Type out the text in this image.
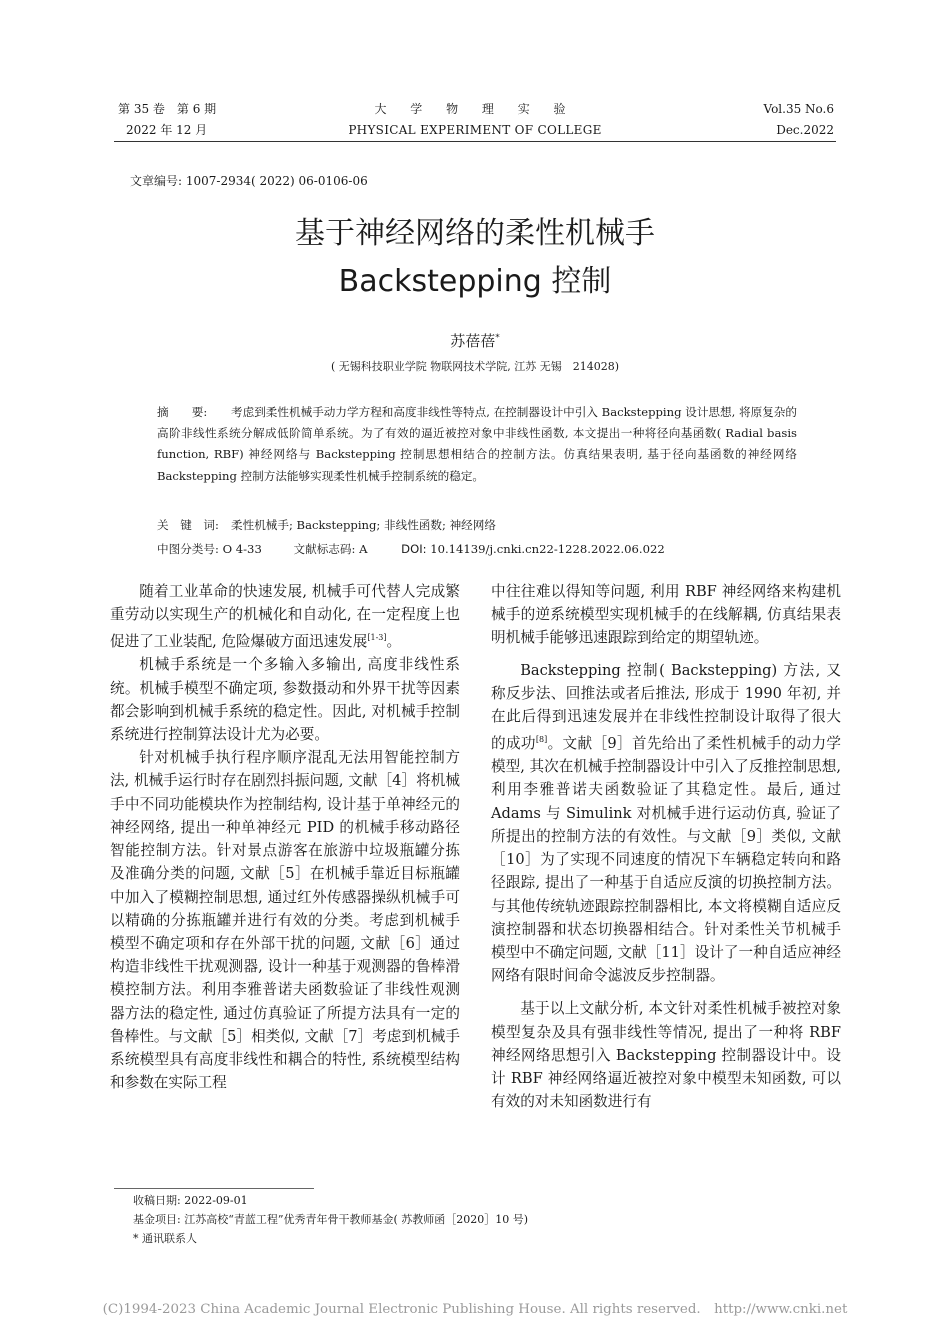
第 35 卷　第 6 期
2022 年 12 月
大 学 物 理 实 验
PHYSICAL EXPERIMENT OF COLLEGE
Vol.35 No.6
Dec.2022
文章编号: 1007-2934( 2022) 06-0106-06
基于神经网络的柔性机械手
Backstepping 控制
苏蓓蓓*
( 无锡科技职业学院 物联网技术学院, 江苏 无锡　214028)
摘　　要: 考虑到柔性机械手动力学方程和高度非线性等特点, 在控制器设计中引入 Backstepping 设计思想, 将原复杂的高阶非线性系统分解成低阶简单系统。为了有效的逼近被控对象中非线性函数, 本文提出一种将径向基函数( Radial basis function, RBF) 神经网络与 Backstepping 控制思想相结合的控制方法。仿真结果表明, 基于径向基函数的神经网络 Backstepping 控制方法能够实现柔性机械手控制系统的稳定。
关　键　词: 柔性机械手; Backstepping; 非线性函数; 神经网络
中图分类号: O 4-33	文献标志码: A	DOI: 10.14139/j.cnki.cn22-1228.2022.06.022

随着工业革命的快速发展, 机械手可代替人完成繁重劳动以实现生产的机械化和自动化, 在一定程度上也促进了工业装配, 危险爆破方面迅速发展[1-3]。

机械手系统是一个多输入多输出, 高度非线性系统。机械手模型不确定项, 参数摄动和外界干扰等因素都会影响到机械手系统的稳定性。因此, 对机械手控制系统进行控制算法设计尤为必要。

针对机械手执行程序顺序混乱无法用智能控制方法, 机械手运行时存在剧烈抖振问题, 文献［4］将机械手中不同功能模块作为控制结构, 设计基于单神经元的神经网络, 提出一种单神经元 PID 的机械手移动路径智能控制方法。针对景点游客在旅游中垃圾瓶罐分拣及准确分类的问题, 文献［5］在机械手靠近目标瓶罐中加入了模糊控制思想, 通过红外传感器操纵机械手可以精确的分拣瓶罐并进行有效的分类。考虑到机械手模型不确定项和存在外部干扰的问题, 文献［6］通过构造非线性干扰观测器, 设计一种基于观测器的鲁棒滑模控制方法。利用李雅普诺夫函数验证了非线性观测器方法的稳定性, 通过仿真验证了所提方法具有一定的鲁棒性。与文献［5］相类似, 文献［7］考虑到机械手系统模型具有高度非线性和耦合的特性, 系统模型结构和参数在实际工程

中往往难以得知等问题, 利用 RBF 神经网络来构建机械手的逆系统模型实现机械手的在线解耦, 仿真结果表明机械手能够迅速跟踪到给定的期望轨迹。

Backstepping 控制( Backstepping) 方法, 又称反步法、回推法或者后推法, 形成于 1990 年初, 并在此后得到迅速发展并在非线性控制设计取得了很大的成功[8]。文献［9］首先给出了柔性机械手的动力学模型, 其次在机械手控制器设计中引入了反推控制思想, 利用李雅普诺夫函数验证了其稳定性。最后, 通过 Adams 与 Simulink 对机械手进行运动仿真, 验证了所提出的控制方法的有效性。与文献［9］类似, 文献［10］为了实现不同速度的情况下车辆稳定转向和路径跟踪, 提出了一种基于自适应反演的切换控制方法。与其他传统轨迹跟踪控制器相比, 本文将模糊自适应反演控制器和状态切换器相结合。针对柔性关节机械手模型中不确定问题, 文献［11］设计了一种自适应神经网络有限时间命令滤波反步控制器。

基于以上文献分析, 本文针对柔性机械手被控对象模型复杂及具有强非线性等情况, 提出了一种将 RBF 神经网络思想引入 Backstepping 控制器设计中。设计 RBF 神经网络逼近被控对象中模型未知函数, 可以有效的对未知函数进行有

收稿日期: 2022-09-01
基金项目: 江苏高校“青蓝工程”优秀青年骨干教师基金( 苏教师函［2020］10 号)
* 通讯联系人
(C)1994-2023 China Academic Journal Electronic Publishing House. All rights reserved.　http://www.cnki.net
